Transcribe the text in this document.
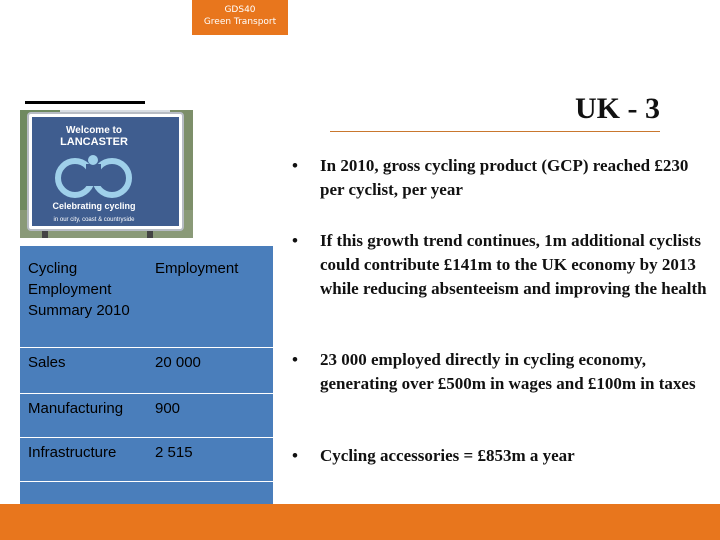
GDS40
Green Transport
UK - 3
Welcome to
LANCASTER
Celebrating cycling
in our city, coast & countryside
Cycling Employment Summary 2010
Employment
Sales	20 000
Manufacturing 900
Infrastructure	2 515
• In 2010, gross cycling product (GCP) reached £230 per cyclist, per year
• If this growth trend continues, 1m additional cyclists could contribute £141m to the UK economy by 2013 while reducing absenteeism and improving the health
• 23 000 employed directly in cycling economy, generating over £500m in wages and £100m in taxes
• Cycling accessories = £853m a year
